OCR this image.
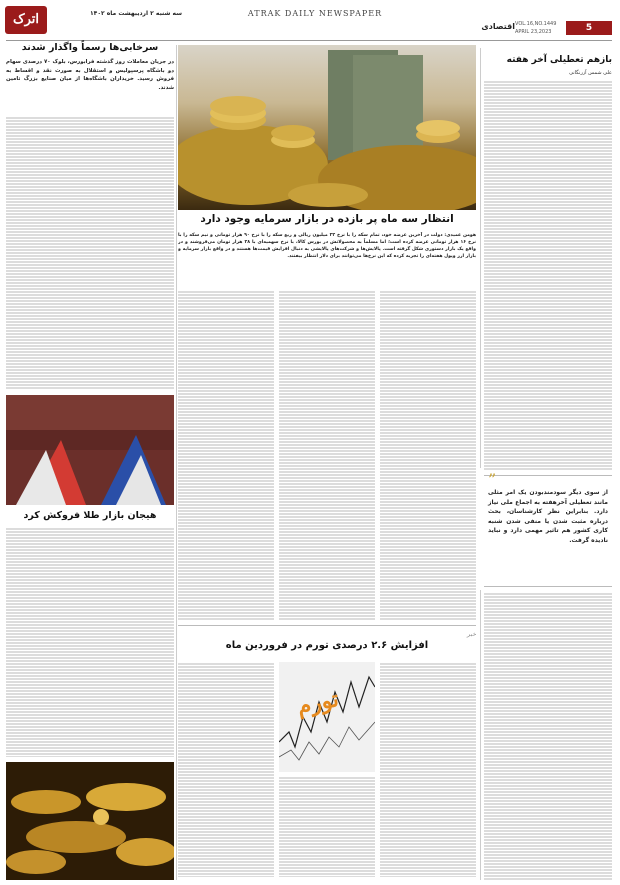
اترک	سه شنبه ۲ اردیبهشت ماه ۱۴۰۲	ATRAK DAILY NEWSPAPER
VOL.16,NO.1449
APRIL 23,2023
اقتصادی	5
بازهم تعطیلی آخر هفته
علی شمس آزرنگانی
”
از سوی دیگر سودمندبودن یک امر مثلی مانند تعطیلی آخرهفته به اجماع ملی نیاز دارد. بنابراین نظر کارشناسان، بحث درباره مثبت شدن یا منفی شدن شنبه کاری کشور هم تاثیر مهمی دارد و نباید نادیده گرفت.
انتظار سه ماه پر بازده در بازار سرمایه وجود دارد
هومن عمیدی: دولت در آخرین عرضه خود، تمام سکه را با نرخ ۲۲ میلیون ریالی و ربع سکه را با نرخ ۹۰ هزار تومانی و نیم سکه را با نرخ ۱۶ هزار تومانی عرضه کرده است؛ اما مسلماً به محصولاتش در بورس کالا، با نرخ سهمیه‌ای با ۲۸ هزار تومان می‌فروشند و در واقع یک بازار دستوری شکل گرفته است. پالایش‌ها و شرکت‌های پالایشی به دنبال افزایش قیمت‌ها هستند و در واقع بازار سرمایه و بازار ارز وپول هفته‌ای را تجربه کرده که این نرخ‌ها می‌توانند برای دلار انتظار بیفتند.
خبر
افزایش ۲.۶ درصدی تورم در فروردین ماه
تورم
سرخابی‌ها رسماً واگذار شدند
در جریان معاملات روز گذشته فرابورس، بلوک ۷۰ درصدی سهام دو باشگاه پرسپولیس و استقلال به صورت نقد و اقساط به فروش رسید. خریداران باشگاه‌ها از میان صنایع بزرگ تامین شدند.
هیجان بازار طلا فروکش کرد
